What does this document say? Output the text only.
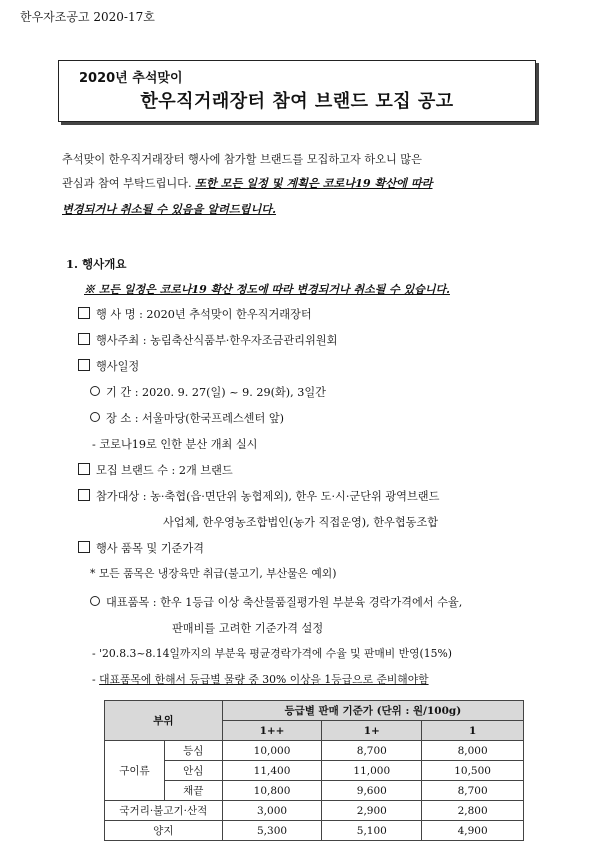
한우자조공고 2020-17호
2020년 추석맞이
한우직거래장터 참여 브랜드 모집 공고
추석맞이 한우직거래장터 행사에 참가할 브랜드를 모집하고자 하오니 많은
관심과 참여 부탁드립니다. 또한 모든 일정 및 계획은 코로나19 확산에 따라
변경되거나 취소될 수 있음을 알려드립니다.
1. 행사개요
※ 모든 일정은 코로나19 확산 정도에 따라 변경되거나 취소될 수 있습니다.
행 사 명 : 2020년 추석맞이 한우직거래장터
행사주최 : 농림축산식품부·한우자조금관리위원회
행사일정
기 간 : 2020. 9. 27(일) ~ 9. 29(화), 3일간
장 소 : 서울마당(한국프레스센터 앞)
- 코로나19로 인한 분산 개최 실시
모집 브랜드 수 : 2개 브랜드
참가대상 : 농·축협(읍·면단위 농협제외), 한우 도·시·군단위 광역브랜드
사업체, 한우영농조합법인(농가 직접운영), 한우협동조합
행사 품목 및 기준가격
* 모든 품목은 냉장육만 취급(불고기, 부산물은 예외)
대표품목 : 한우 1등급 이상 축산물품질평가원 부분육 경락가격에서 수율,
판매비를 고려한 기준가격 설정
- '20.8.3~8.14일까지의 부분육 평균경락가격에 수율 및 판매비 반영(15%)
- 대표품목에 한해서 등급별 물량 중 30% 이상을 1등급으로 준비해야함
부위		등급별 판매 기준가 (단위 : 원/100g)		
		1++	1+	1
구이류	등심	10,000	8,700	8,000
	안심	11,400	11,000	10,500
	채끝	10,800	9,600	8,700
국거리·불고기·산적		3,000	2,900	2,800
양지		5,300	5,100	4,900
